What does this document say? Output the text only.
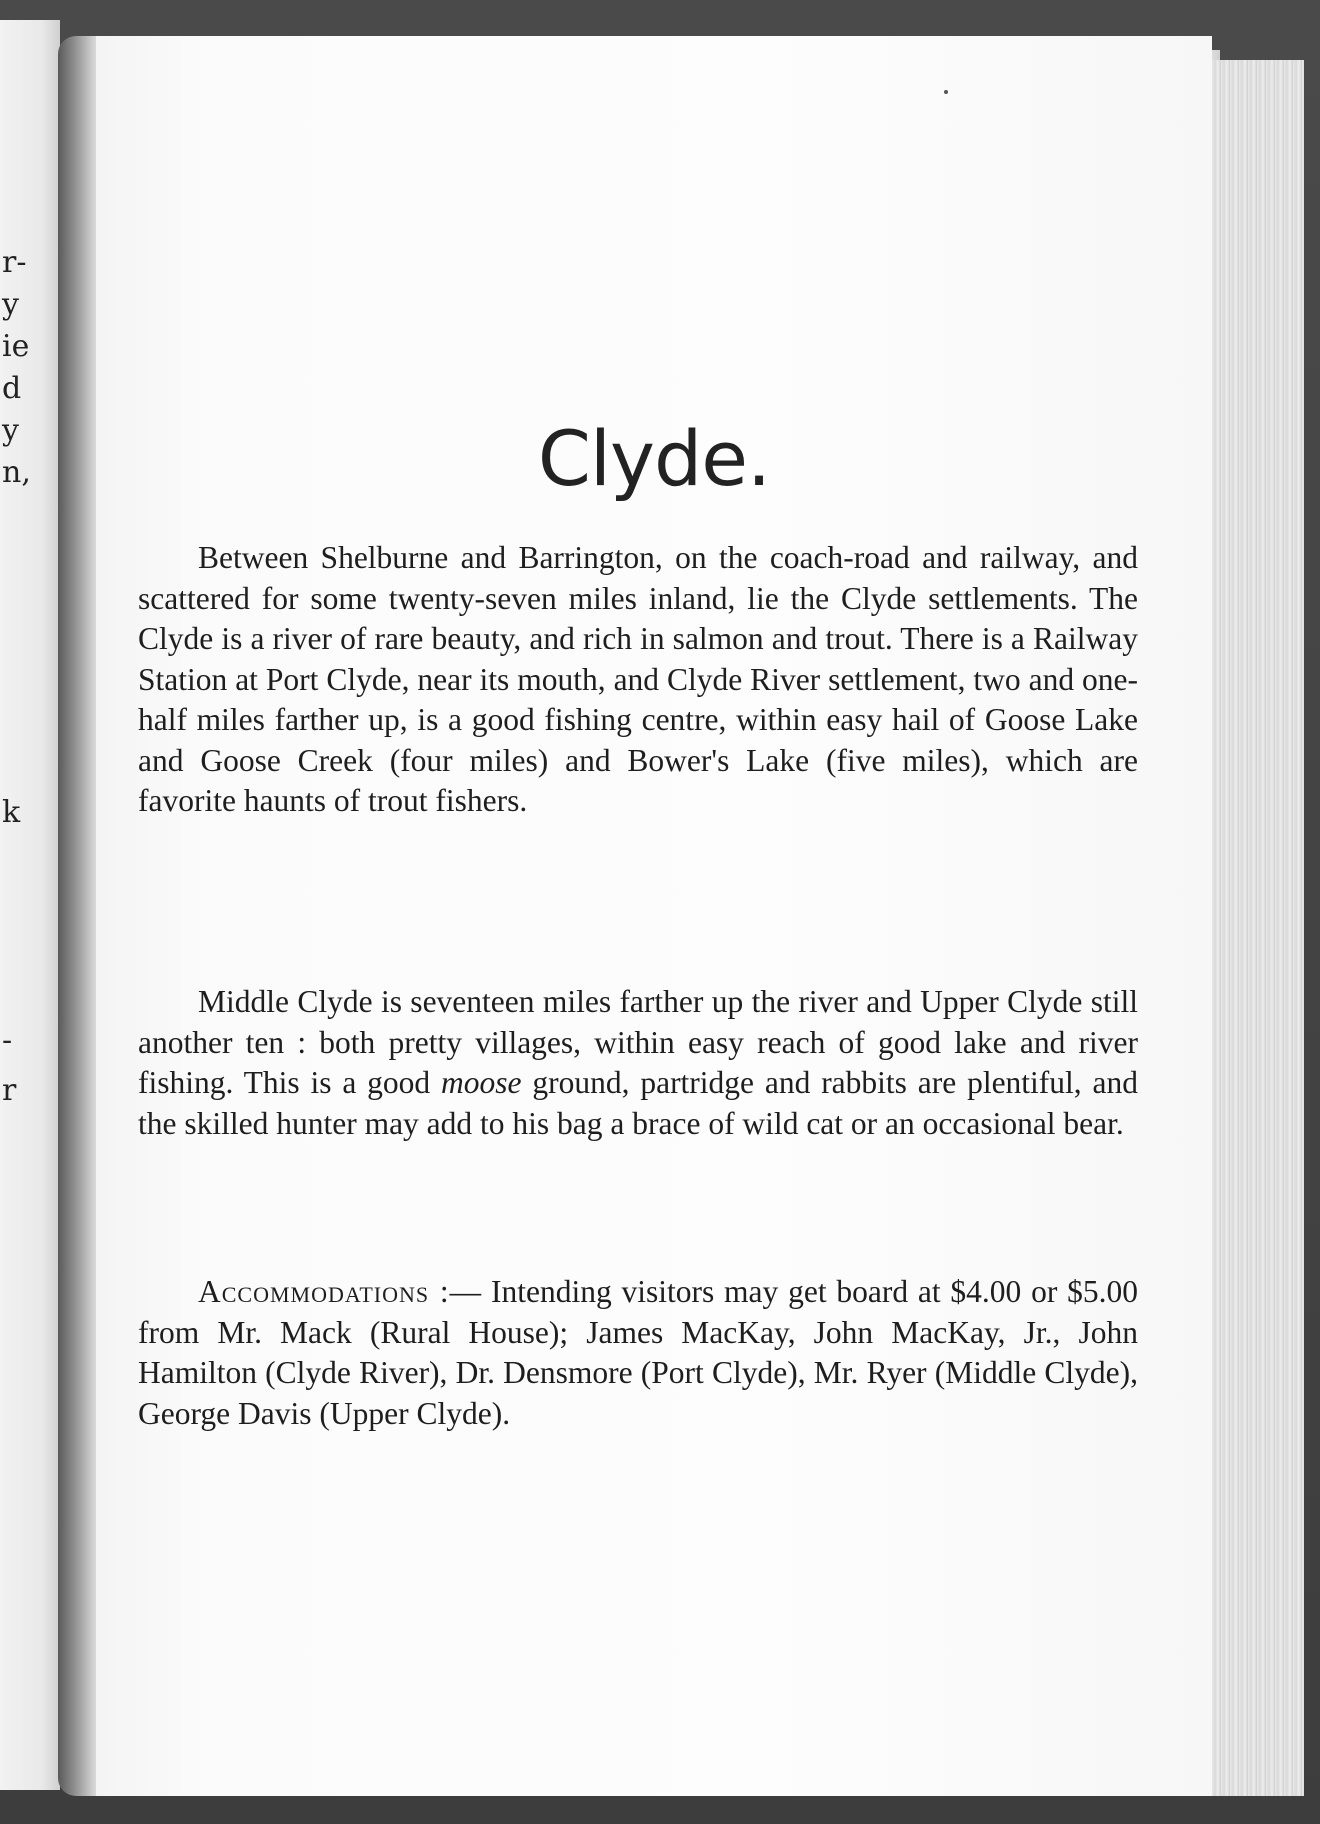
r-
y
ie
d
y
n,
k
-
r
Clyde.

Between Shelburne and Barrington, on the coach-road and railway, and scattered for some twenty-seven miles inland, lie the Clyde settlements. The Clyde is a river of rare beauty, and rich in salmon and trout. There is a Railway Station at Port Clyde, near its mouth, and Clyde River settlement, two and one-half miles farther up, is a good fishing centre, within easy hail of Goose Lake and Goose Creek (four miles) and Bower's Lake (five miles), which are favorite haunts of trout fishers.

Middle Clyde is seventeen miles farther up the river and Upper Clyde still another ten : both pretty villages, within easy reach of good lake and river fishing. This is a good moose ground, partridge and rabbits are plentiful, and the skilled hunter may add to his bag a brace of wild cat or an occasional bear.

Accommodations :— Intending visitors may get board at $4.00 or $5.00 from Mr. Mack (Rural House); James MacKay, John MacKay, Jr., John Hamilton (Clyde River), Dr. Densmore (Port Clyde), Mr. Ryer (Middle Clyde), George Davis (Upper Clyde).
